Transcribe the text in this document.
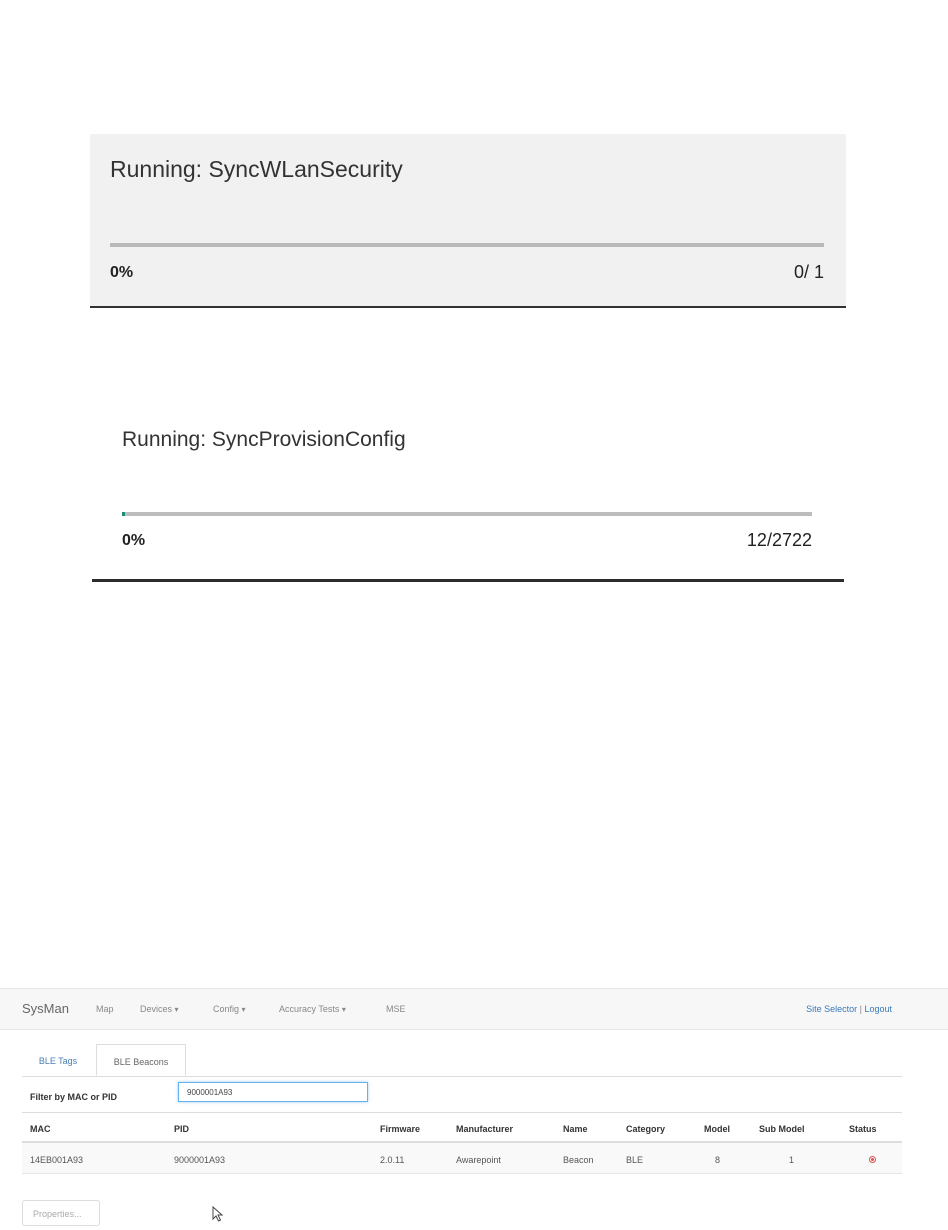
Running: SyncWLanSecurity
0%	0/ 1
Running: SyncProvisionConfig
0%	12/2722
SysMan	Map	Devices ▾	Config ▾	Accuracy Tests ▾	MSE	Site Selector | Logout
BLE Tags	BLE Beacons
Filter by MAC or PID
9000001A93
MAC	PID	Firmware	Manufacturer	Name	Category	Model	Sub Model	Status
14EB001A93	9000001A93	2.0.11	Awarepoint	Beacon	BLE	8	1
Properties...
